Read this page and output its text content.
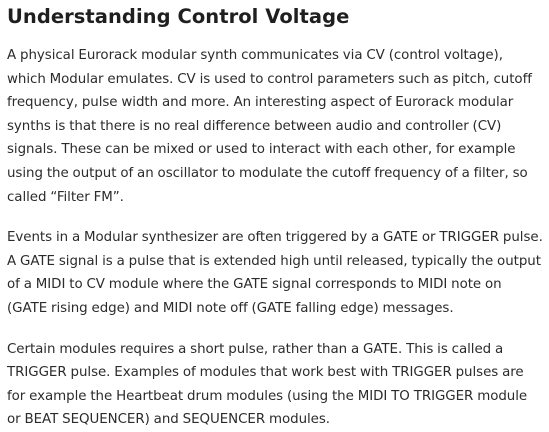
Understanding Control Voltage

A physical Eurorack modular synth communicates via CV (control voltage), which Modular emulates. CV is used to control parameters such as pitch, cutoff frequency, pulse width and more. An interesting aspect of Eurorack modular synths is that there is no real difference between audio and controller (CV) signals. These can be mixed or used to interact with each other, for example using the output of an oscillator to modulate the cutoff frequency of a filter, so called “Filter FM”.

Events in a Modular synthesizer are often triggered by a GATE or TRIGGER pulse. A GATE signal is a pulse that is extended high until released, typically the output of a MIDI to CV module where the GATE signal corresponds to MIDI note on (GATE rising edge) and MIDI note off (GATE falling edge) messages.

Certain modules requires a short pulse, rather than a GATE. This is called a TRIGGER pulse. Examples of modules that work best with TRIGGER pulses are for example the Heartbeat drum modules (using the MIDI TO TRIGGER module or BEAT SEQUENCER) and SEQUENCER modules.
